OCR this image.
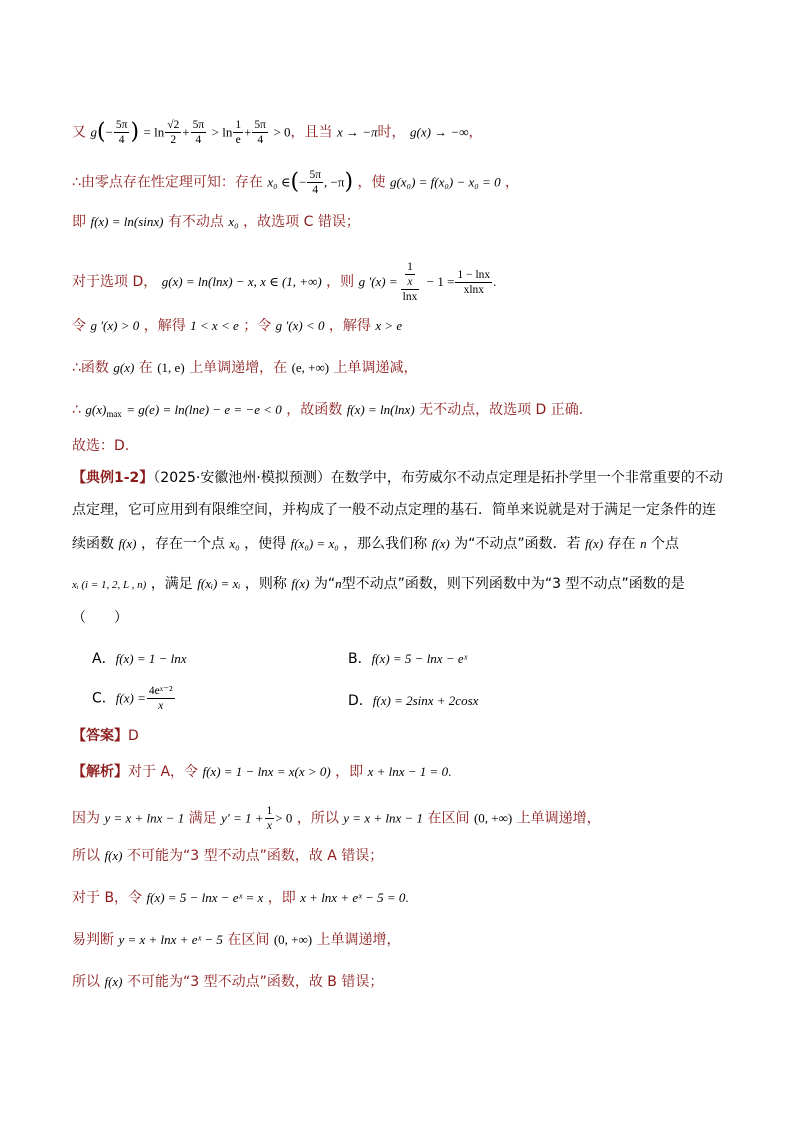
又 $g(- \frac{5\pi}{4}$ ) = $\ln \frac{√2}{2} + \frac{5\pi}{4} > \ln \frac{1}{e} + \frac{5\pi}{4} > 0$，且当 x → −π时， g(x) → −∞，
∴由零点存在性定理可知：存在 x₀ ∈(− $\frac{5\pi}{4}$ , −π) ，使 g(x₀) = f(x₀) − x₀ = 0 ，
即 f(x) = ln(sinx) 有不动点 x₀ ，故选项 C 错误；
对于选项 D， g(x) = ln(lnx) − x, x ∈ (1, +∞) ，则 g $'(x) = \frac{\frac{1}{x}}{\ln x} - 1 = \frac{1 - \ln x}{xlnx}$ .
令 g ′(x) > 0 ，解得 1 < x < e ；令 g ′(x) < 0 ，解得 x > e
∴函数 g(x) 在 (1, e) 上单调递增，在 (e, +∞) 上单调递减，
∴ $g(x)_{max} = g(e) = \ln(\ln e) - e = -e < 0$ ，故函数 f(x) = ln(lnx) 无不动点，故选项 D 正确.
故选：D.
【典例1-2】（2025·安徽池州·模拟预测）在数学中，布劳威尔不动点定理是拓扑学里一个非常重要的不动
点定理，它可应用到有限维空间，并构成了一般不动点定理的基石．简单来说就是对于满足一定条件的连
续函数 f(x) ，存在一个点 x₀ ，使得 f(x₀) = x₀ ，那么我们称 f(x) 为“不动点”函数．若 f(x) 存在 n 个点
xᵢ (i = 1, 2, L , n) ，满足 f(xᵢ) = xᵢ ，则称 f(x) 为“n型不动点”函数，则下列函数中为“3 型不动点”函数的是
（　　）
A．f(x) = 1 − lnx	B．f(x) = 5 − lnx − eˣ
C．$f(x) = \frac{\text{4eˣ⁻²}}{x}$	D．f(x) = 2sinx + 2cosx
【答案】D
【解析】对于 A，令 f(x) = 1 − lnx = x(x > 0) ，即 x + lnx − 1 = 0.
因为 y = x + lnx − 1 满足 $y' = 1 + \frac{1}{x} > 0$ ，所以 y = x + lnx − 1 在区间 (0, +∞) 上单调递增，
所以 f(x) 不可能为“3 型不动点”函数，故 A 错误；
对于 B，令 f(x) = 5 − lnx − eˣ = x ，即 x + lnx + eˣ − 5 = 0.
易判断 y = x + lnx + eˣ − 5 在区间 (0, +∞) 上单调递增，
所以 f(x) 不可能为“3 型不动点”函数，故 B 错误；
